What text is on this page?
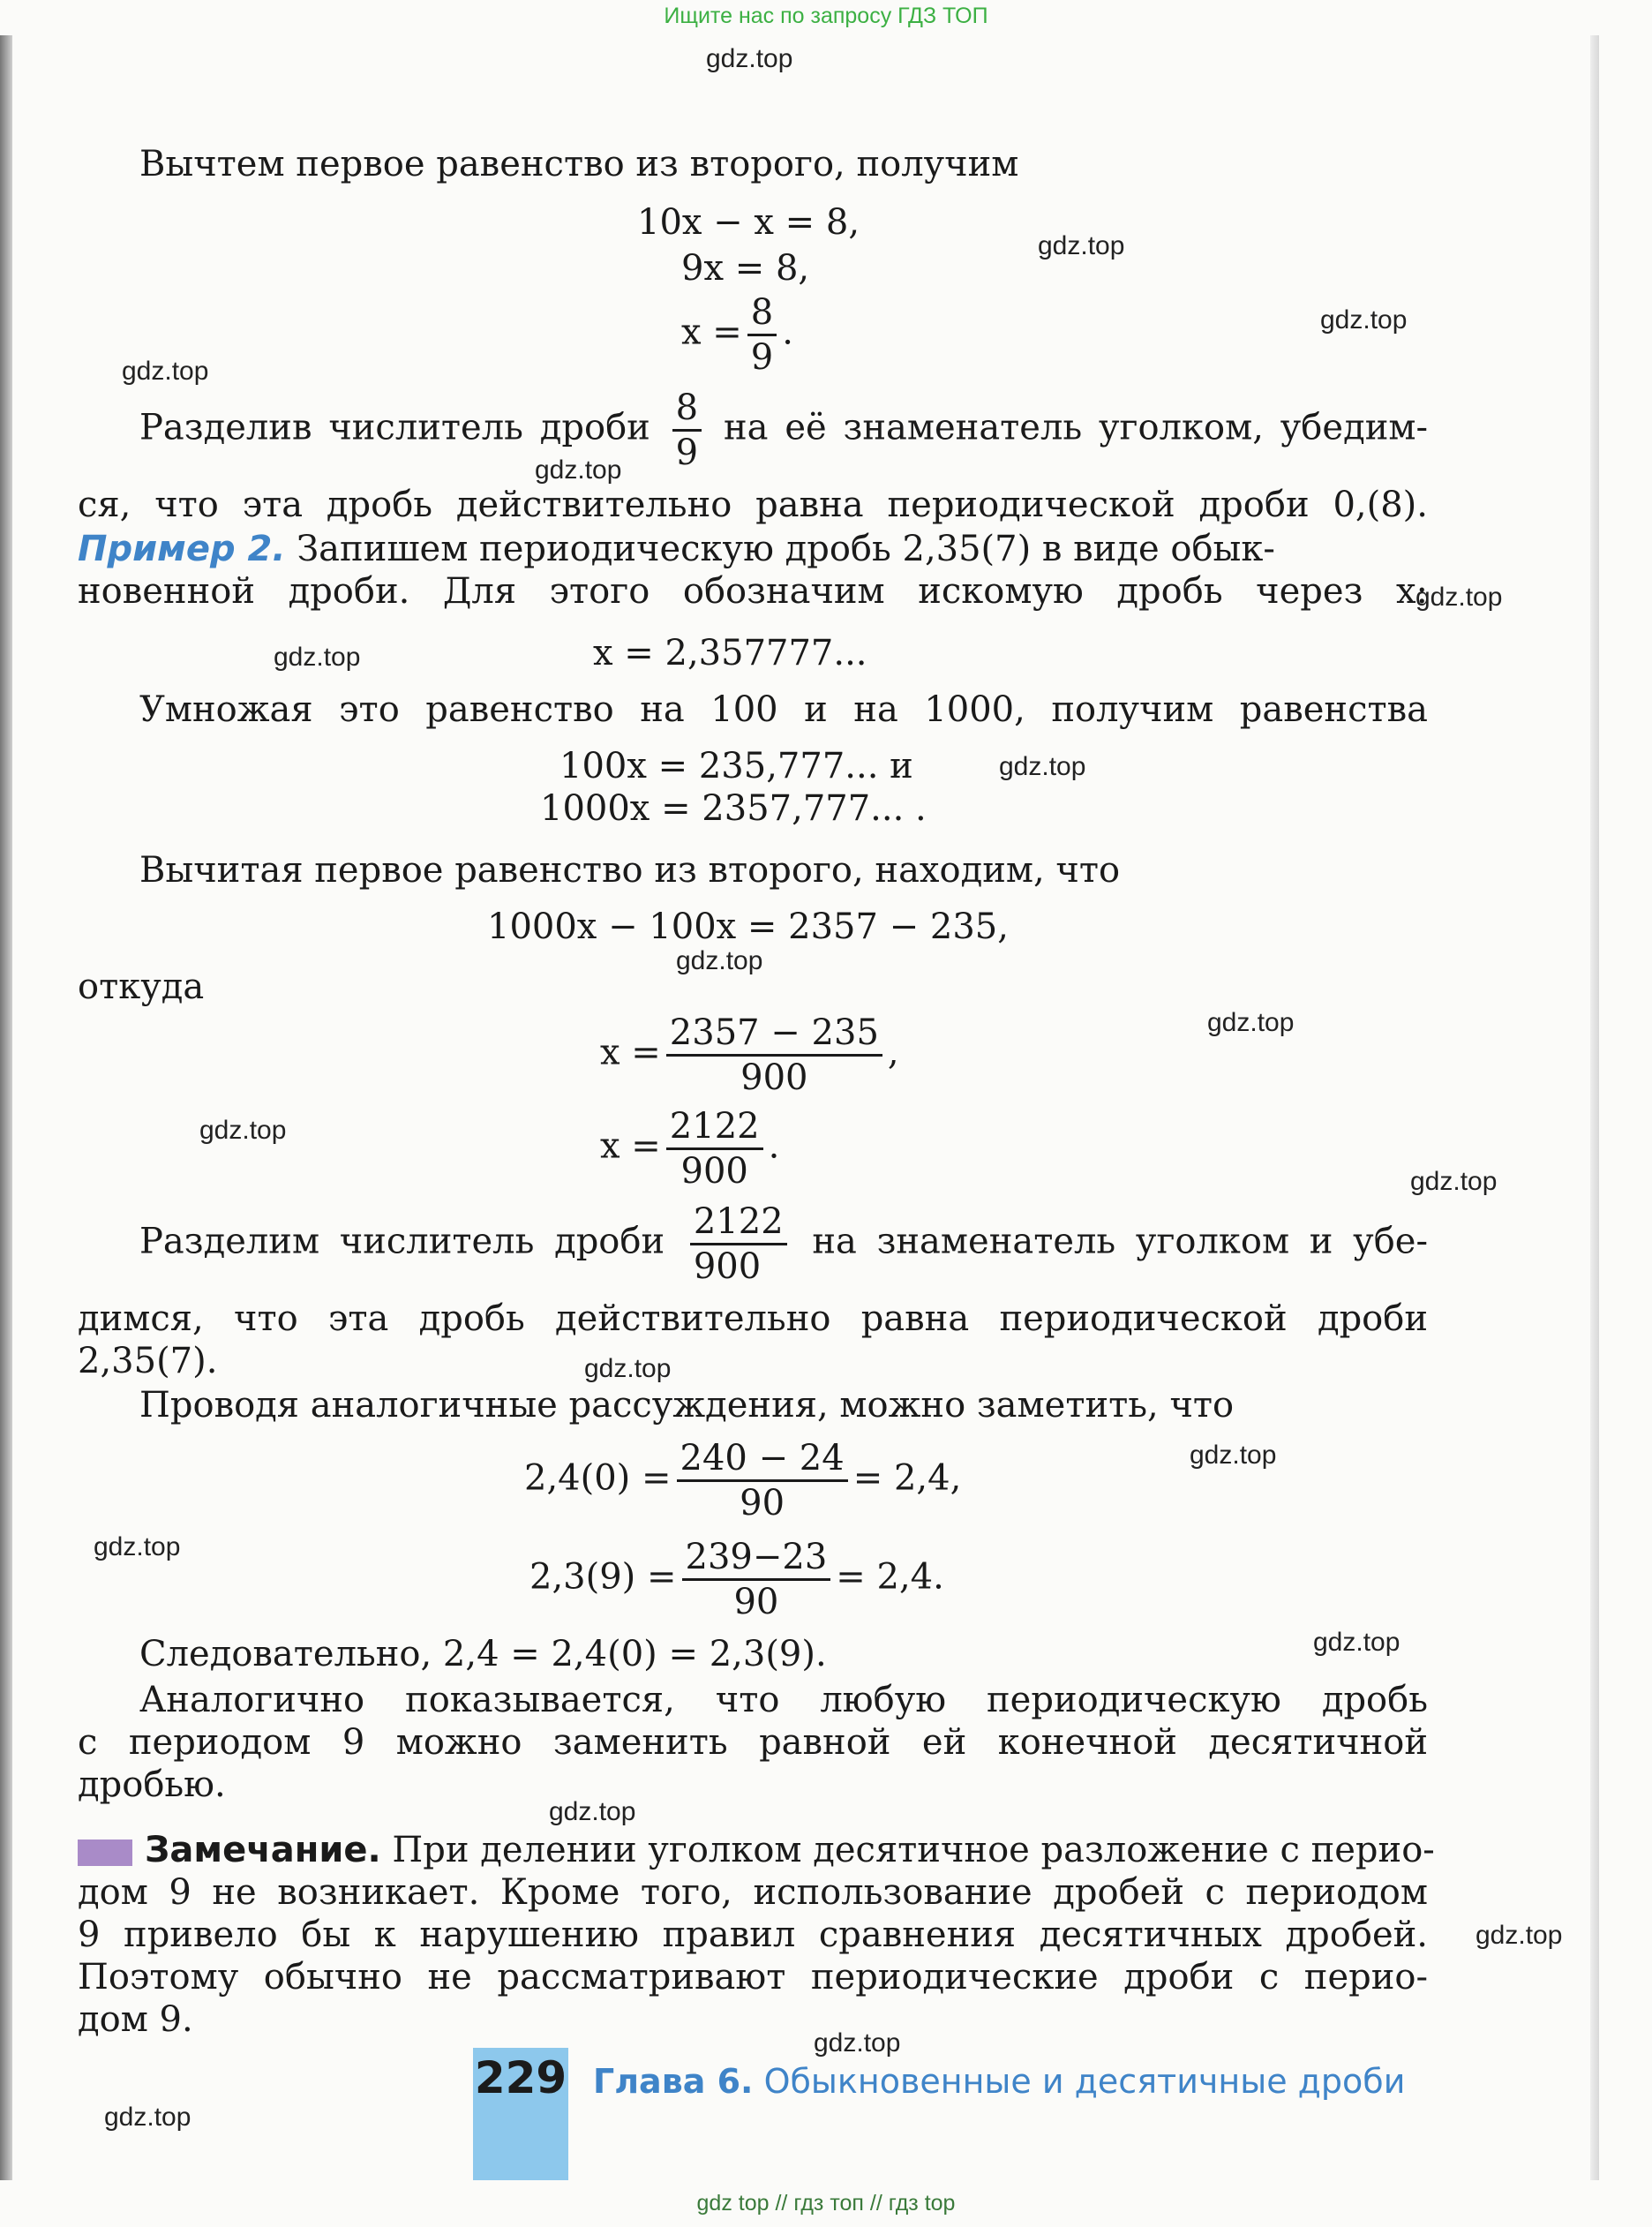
Ищите нас по запросу ГДЗ ТОП
gdz.top
gdz.top
gdz.top
gdz.top
gdz.top
gdz.top
gdz.top
gdz.top
gdz.top
gdz.top
gdz.top
gdz.top
gdz.top
gdz.top
gdz.top
gdz.top
gdz.top
gdz.top
gdz.top
gdz.top
Вычтем первое равенство из второго, получим
10x − x = 8,
9x = 8,
$x = \frac{8}{9}$ .
Разделив числитель дроби $\frac{8}{9}$ на её знаменатель уголком, убедим-
ся, что эта дробь действительно равна периодической дроби 0,(8).
Пример 2. Запишем периодическую дробь 2,35(7) в виде обык-
новенной дроби. Для этого обозначим искомую дробь через x:
x = 2,357777...
Умножая это равенство на 100 и на 1000, получим равенства
100x = 235,777... и
1000x = 2357,777... .
Вычитая первое равенство из второго, находим, что
1000x − 100x = 2357 − 235,
откуда
$x = \frac{2357 - 235}{900}$ ,
$x = \frac{2122}{900}$ .
Разделим числитель дроби $\frac{2122}{900}$ на знаменатель уголком и убе-
димся, что эта дробь действительно равна периодической дроби
2,35(7).
Проводя аналогичные рассуждения, можно заметить, что
$2,4(0) = \frac{240 - 24}{90} = 2,4$,
$2,3(9) = \frac{239-23}{90} = 2,4$.
Следовательно, 2,4 = 2,4(0) = 2,3(9).
Аналогично показывается, что любую периодическую дробь
с периодом 9 можно заменить равной ей конечной десятичной
дробью.
Замечание. При делении уголком десятичное разложение с перио-
дом 9 не возникает. Кроме того, использование дробей с периодом
9 привело бы к нарушению правил сравнения десятичных дробей.
Поэтому обычно не рассматривают периодические дроби с перио-
дом 9.
229 Глава 6. Обыкновенные и десятичные дроби
gdz top // гдз топ // гдз top
